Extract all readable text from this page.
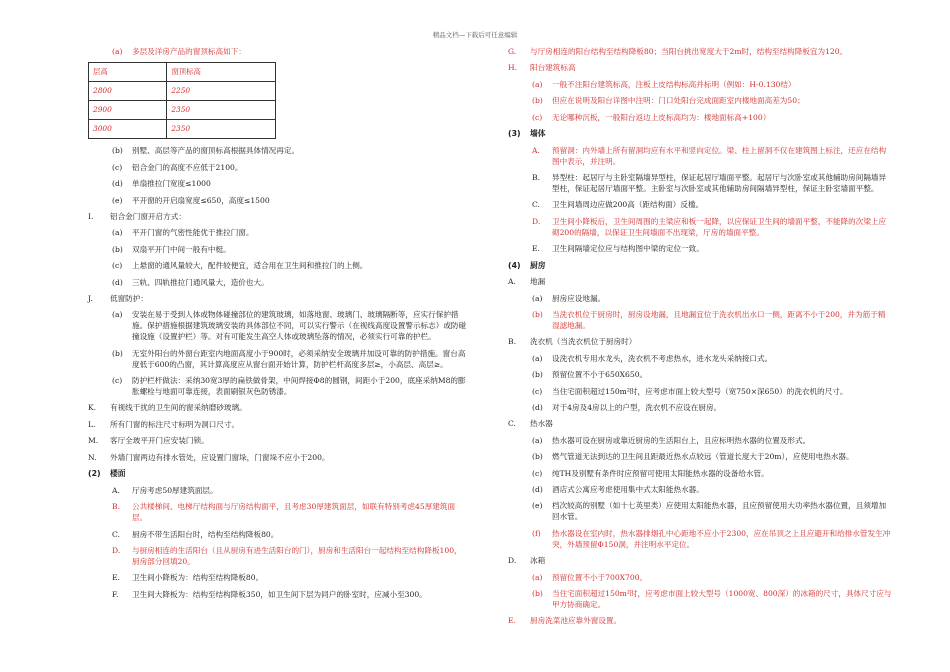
精品文档—下载后可任意编辑
(a)	多层及洋房产品的窗顶标高如下：
层高	窗顶标高
2800	2250
2900	2350
3000	2350
(b)	别墅、高层等产品的窗顶标高根据具体情况再定。
(c)	铝合金门的高度不应低于2100。
(d)	单扇推拉门宽度≤1000
(e)	平开窗的开启扇宽度≤650，高度≤1500
I.	铝合金门窗开启方式：
(a)	平开门窗的气密性能优于推拉门窗。
(b)	双扇平开门中间一般有中梃。
(c)	上悬窗的通风量较大，配件较便宜，适合用在卫生间和推拉门的上侧。
(d)	三轨、四轨推拉门通风量大，造价也大。
J.	低窗防护：
(a)	安装在易于受到人体或物体碰撞部位的建筑玻璃，如落地窗、玻璃门、玻璃隔断等，应实行保护措施。保护措施根据建筑玻璃安装的具体部位不同，可以实行警示（在视线高度设置警示标志）或防碰撞设施（设置护栏）等。对有可能发生高空人体或玻璃坠落的情况，必须实行可靠的护栏。
(b)	无室外阳台的外窗台距室内地面高度小于900时，必须采纳安全玻璃并加设可靠的防护措施。窗台高度低于600的凸窗，其计算高度应从窗台面开始计算，防护栏杆高度多层≥，小高层、高层≥。
(c)	防护栏杆做法：采纳30宽3厚的扁铁做骨架，中间焊接Φ8的圆钢，间距小于200，底座采纳M8的膨胀螺栓与地面可靠连接，表面刷银灰色防锈漆。
K.	有视线干扰的卫生间的窗采纳磨砂玻璃。
L.	所有门窗的标注尺寸标明为洞口尺寸。
M.	客厅全玻平开门应安装门锁。
N.	外墙门窗两边有排水管处，应设置门窗垛，门窗垛不应小于200。
(2)	楼面
A.	厅房考虑50厚建筑面层。
B.	公共楼梯间、电梯厅结构面与厅房结构面平，且考虑30厚建筑面层，如联有特别考虑45厚建筑面层。
C.	厨房不带生活阳台时，结构至结构降板80。
D.	与厨房相连的生活阳台（且从厨房有进生活阳台的门），厨房和生活阳台一起结构至结构降板100，厨房部分回填20。
E.	卫生间小降板为：结构至结构降板80。
F.	卫生间大降板为：结构至结构降板350，如卫生间下层为同户的卧室时，应减小至300。
G.	与厅房相连的阳台结构至结构降板80；当阳台挑出宽度大于2m时，结构至结构降板宜为120。
H.	阳台建筑标高
(a)	一般不注阳台建筑标高，注板上皮结构标高并标明（例如：H-0.130结）
(b)	但应在说明及阳台详图中注明：门口处阳台完成面距室内楼地面高差为50；
(c)	无论哪种沉板，一般阳台返边上皮标高均为：楼地面标高+100）
(3)	墙体
A.	预留洞：内外墙上所有留洞均应有水平和竖向定位。梁、柱上留洞不仅在建筑图上标注，还应在结构图中表示，并注明。
B.	异型柱：起居厅与主卧室隔墙异型柱，保证起居厅墙面平整。起居厅与次卧室或其他辅助房间隔墙异型柱，保证起居厅墙面平整。主卧室与次卧室或其他辅助房间隔墙异型柱，保证主卧室墙面平整。
C.	卫生间墙周边应做200高（距结构面）反槛。
D.	卫生间小降板后，卫生间周围的主梁应和板一起降，以应保证卫生间的墙面平整，不能降的次梁上应砌200的隔墙，以保证卫生间墙面不出现梁，厅房的墙面平整。
E.	卫生间隔墙定位应与结构图中梁的定位一致。
(4)	厨房
A.	地漏
(a)	厨房应设地漏。
(b)	当洗衣机位于厨房时，厨房设地漏，且地漏宜位于洗衣机出水口一侧，距离不小于200，并为筋于精湿滤地漏。
B.	洗衣机（当洗衣机位于厨房时）
(a)	设洗衣机专用水龙头，洗衣机不考虑热水，进水龙头采纳接口式。
(b)	预留位置不小于650X650。
(c)	当住宅面积超过150m²时，应考虑市面上较大型号（宽750×深650）的洗衣机的尺寸。
(d)	对于4房及4房以上的户型，洗衣机不应设在厨房。
C.	热水器
(a)	热水器可设在厨房或靠近厨房的生活阳台上，且应标明热水器的位置及形式。
(b)	燃气管道无法到达的卫生间且距最近热水点较远（管道长度大于20m），应使用电热水器。
(c)	纯TH及别墅有条件时应预留可使用太阳能热水器的设备给水管。
(d)	酒店式公寓应考虑使用集中式太阳能热水器。
(e)	档次较高的别墅（如十七英里类）应使用太阳能热水器，且应预留使用大功率热水器位置，且须增加回水管。
(f)	热水器设在室内时，热水器排烟孔中心距地不应小于2300，应在吊顶之上且应避开和给排水管发生冲突，外墙预留Φ150洞，并注明水平定位。
D.	冰箱
(a)	预留位置不小于700X700。
(b)	当住宅面积超过150m²时，应考虑市面上较大型号（1000宽、800深）的冰箱的尺寸，具体尺寸应与甲方协商确定。
E.	厨房洗菜池应靠外窗设置。
